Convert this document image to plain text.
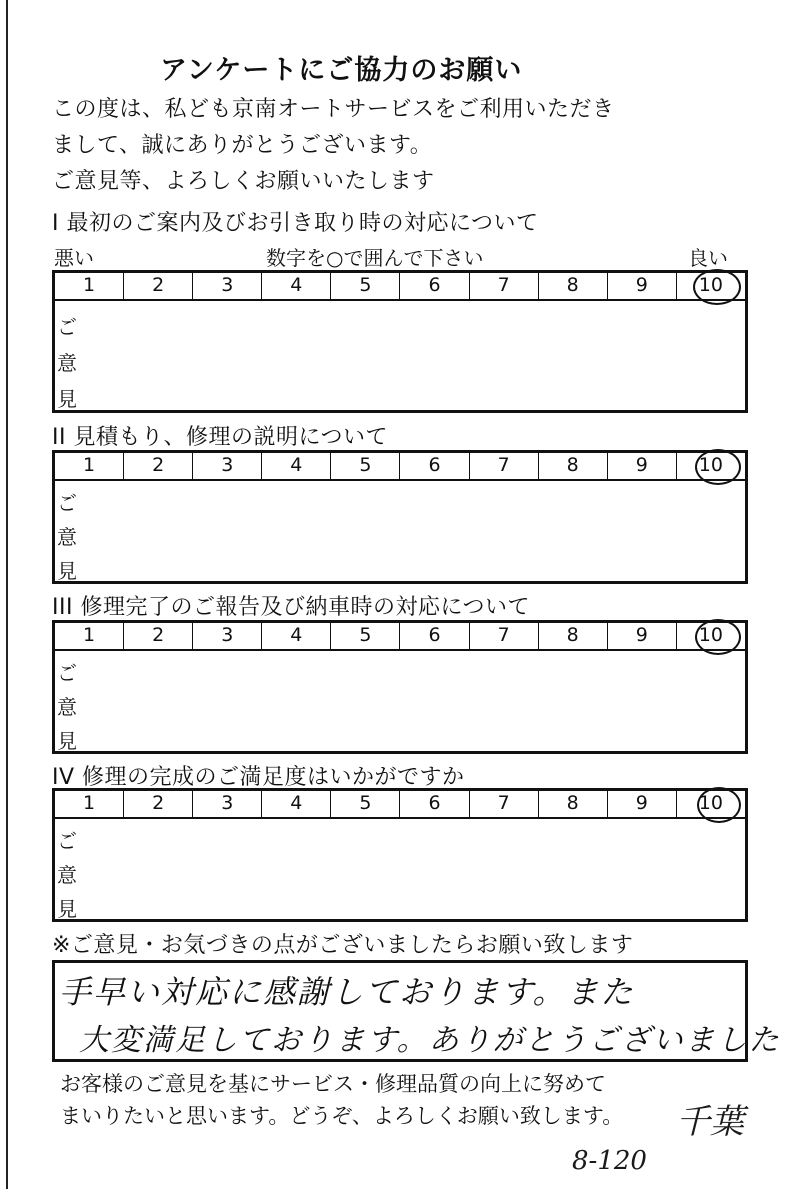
アンケートにご協力のお願い
この度は、私ども京南オートサービスをご利用いただき
まして、誠にありがとうございます。
ご意見等、よろしくお願いいたします
I 最初のご案内及びお引き取り時の対応について
悪い	数字を○で囲んで下さい	良い
1	2	3	4	5	6	7	8	9	10
ご
意
見
II 見積もり、修理の説明について
1	2	3	4	5	6	7	8	9	10
ご
意
見
III 修理完了のご報告及び納車時の対応について
1	2	3	4	5	6	7	8	9	10
ご
意
見
IV 修理の完成のご満足度はいかがですか
1	2	3	4	5	6	7	8	9	10
ご
意
見
※ご意見・お気づきの点がございましたらお願い致します
手早い対応に感謝しております。また
大変満足しております。ありがとうございました
お客様のご意見を基にサービス・修理品質の向上に努めて
まいりたいと思います。どうぞ、よろしくお願い致します。 千葉
8-120
